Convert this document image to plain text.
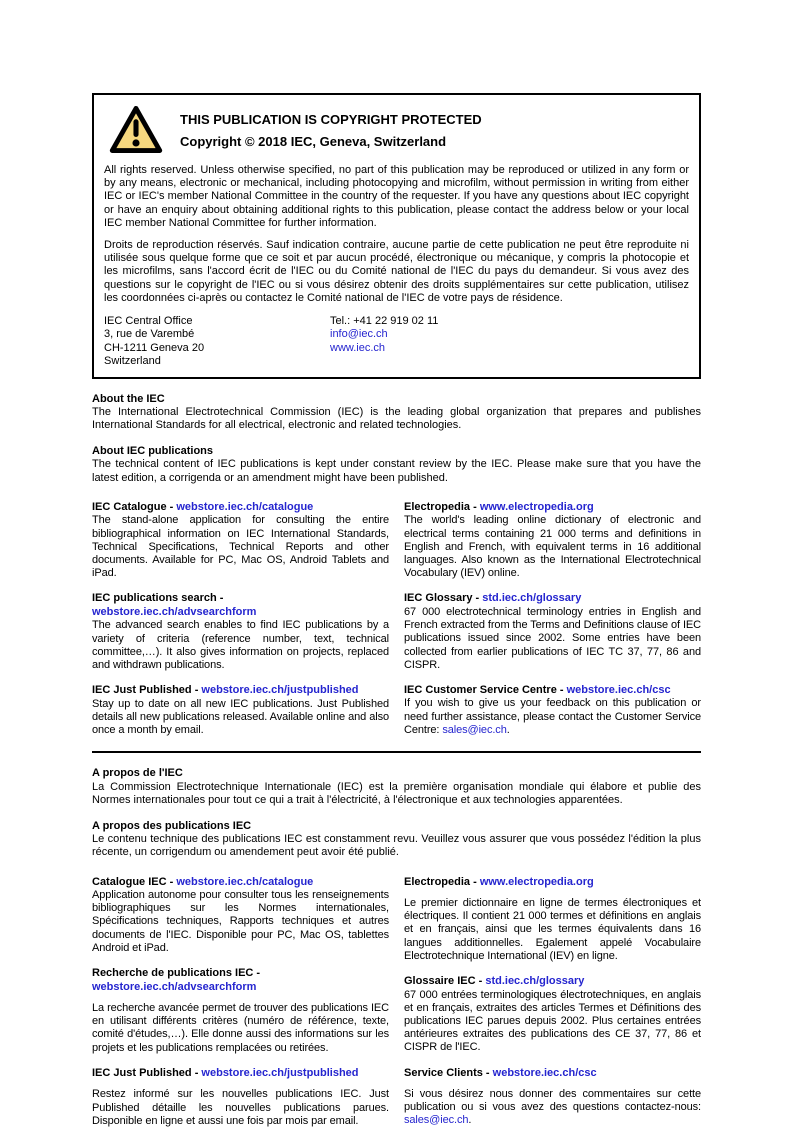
THIS PUBLICATION IS COPYRIGHT PROTECTED
Copyright © 2018 IEC, Geneva, Switzerland

All rights reserved. Unless otherwise specified, no part of this publication may be reproduced or utilized in any form or by any means, electronic or mechanical, including photocopying and microfilm, without permission in writing from either IEC or IEC's member National Committee in the country of the requester. If you have any questions about IEC copyright or have an enquiry about obtaining additional rights to this publication, please contact the address below or your local IEC member National Committee for further information.

Droits de reproduction réservés. Sauf indication contraire, aucune partie de cette publication ne peut être reproduite ni utilisée sous quelque forme que ce soit et par aucun procédé, électronique ou mécanique, y compris la photocopie et les microfilms, sans l'accord écrit de l'IEC ou du Comité national de l'IEC du pays du demandeur. Si vous avez des questions sur le copyright de l'IEC ou si vous désirez obtenir des droits supplémentaires sur cette publication, utilisez les coordonnées ci-après ou contactez le Comité national de l'IEC de votre pays de résidence.

IEC Central Office
3, rue de Varembé
CH-1211 Geneva 20
Switzerland
Tel.: +41 22 919 02 11
info@iec.ch
www.iec.ch
About the IEC

The International Electrotechnical Commission (IEC) is the leading global organization that prepares and publishes International Standards for all electrical, electronic and related technologies.

About IEC publications

The technical content of IEC publications is kept under constant review by the IEC. Please make sure that you have the latest edition, a corrigenda or an amendment might have been published.

IEC Catalogue - webstore.iec.ch/catalogue

The stand-alone application for consulting the entire bibliographical information on IEC International Standards, Technical Specifications, Technical Reports and other documents. Available for PC, Mac OS, Android Tablets and iPad.

IEC publications search - webstore.iec.ch/advsearchform

The advanced search enables to find IEC publications by a variety of criteria (reference number, text, technical committee,…). It also gives information on projects, replaced and withdrawn publications.

IEC Just Published - webstore.iec.ch/justpublished

Stay up to date on all new IEC publications. Just Published details all new publications released. Available online and also once a month by email.

Electropedia - www.electropedia.org

The world's leading online dictionary of electronic and electrical terms containing 21 000 terms and definitions in English and French, with equivalent terms in 16 additional languages. Also known as the International Electrotechnical Vocabulary (IEV) online.

IEC Glossary - std.iec.ch/glossary

67 000 electrotechnical terminology entries in English and French extracted from the Terms and Definitions clause of IEC publications issued since 2002. Some entries have been collected from earlier publications of IEC TC 37, 77, 86 and CISPR.

IEC Customer Service Centre - webstore.iec.ch/csc

If you wish to give us your feedback on this publication or need further assistance, please contact the Customer Service Centre: sales@iec.ch.

A propos de l'IEC

La Commission Electrotechnique Internationale (IEC) est la première organisation mondiale qui élabore et publie des Normes internationales pour tout ce qui a trait à l'électricité, à l'électronique et aux technologies apparentées.

A propos des publications IEC

Le contenu technique des publications IEC est constamment revu. Veuillez vous assurer que vous possédez l'édition la plus récente, un corrigendum ou amendement peut avoir été publié.

Catalogue IEC - webstore.iec.ch/catalogue

Application autonome pour consulter tous les renseignements bibliographiques sur les Normes internationales, Spécifications techniques, Rapports techniques et autres documents de l'IEC. Disponible pour PC, Mac OS, tablettes Android et iPad.

Recherche de publications IEC -
webstore.iec.ch/advsearchform

La recherche avancée permet de trouver des publications IEC en utilisant différents critères (numéro de référence, texte, comité d'études,…). Elle donne aussi des informations sur les projets et les publications remplacées ou retirées.

IEC Just Published - webstore.iec.ch/justpublished

Restez informé sur les nouvelles publications IEC. Just Published détaille les nouvelles publications parues. Disponible en ligne et aussi une fois par mois par email.

Electropedia - www.electropedia.org

Le premier dictionnaire en ligne de termes électroniques et électriques. Il contient 21 000 termes et définitions en anglais et en français, ainsi que les termes équivalents dans 16 langues additionnelles. Egalement appelé Vocabulaire Electrotechnique International (IEV) en ligne.

Glossaire IEC - std.iec.ch/glossary

67 000 entrées terminologiques électrotechniques, en anglais et en français, extraites des articles Termes et Définitions des publications IEC parues depuis 2002. Plus certaines entrées antérieures extraites des publications des CE 37, 77, 86 et CISPR de l'IEC.

Service Clients - webstore.iec.ch/csc

Si vous désirez nous donner des commentaires sur cette publication ou si vous avez des questions contactez-nous: sales@iec.ch.
